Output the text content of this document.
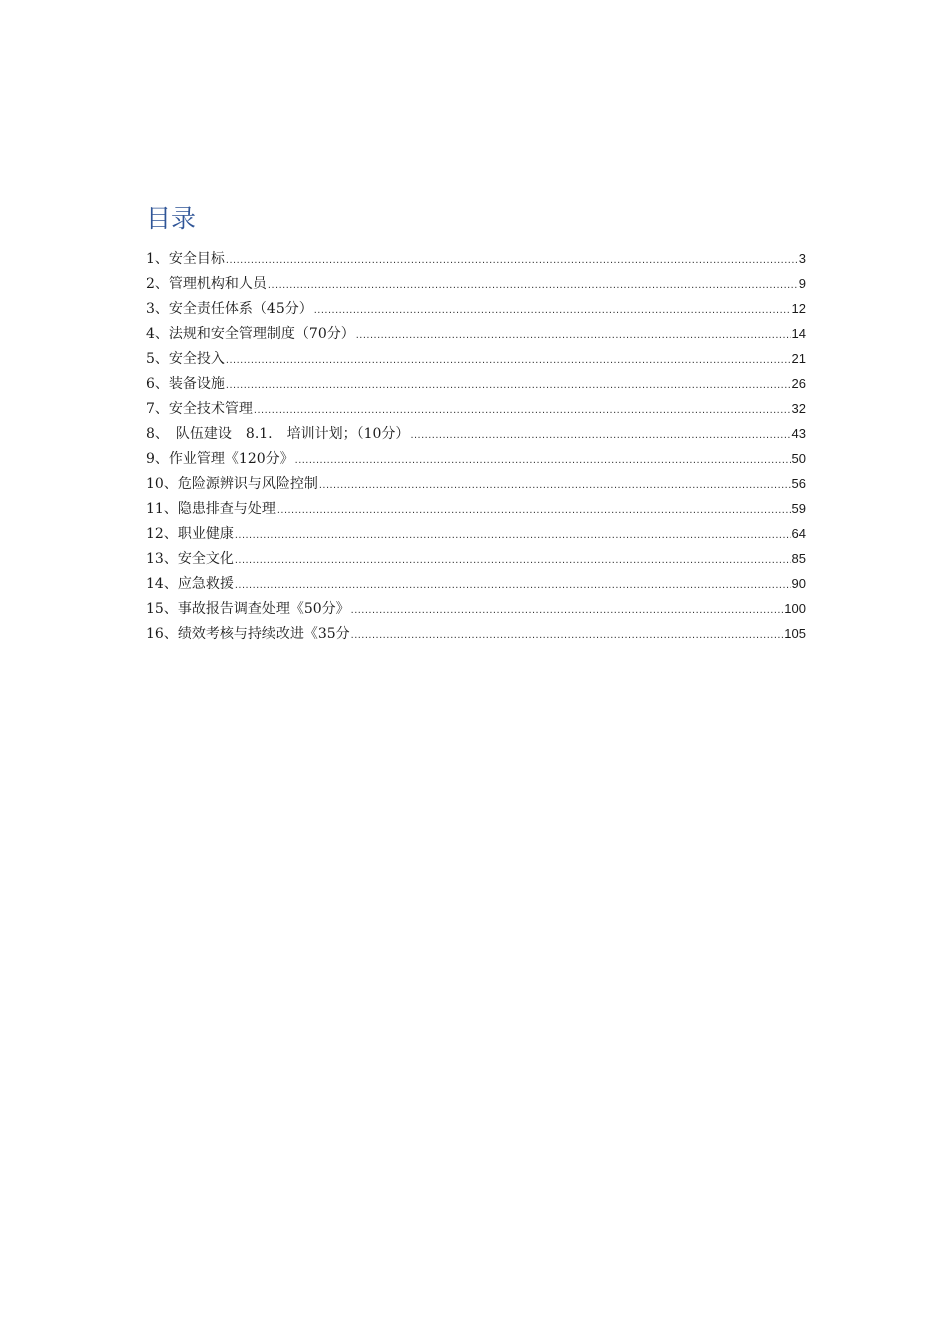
目录
1、安全目标 .....	3
2、管理机构和人员 .....	9
3、安全责任体系（45分） .....	12
4、法规和安全管理制度（70分） .....	14
5、安全投入 .....	21
6、装备设施 .....	26
7、安全技术管理 .....	32
8、　队伍建设　8.1.　培训计划；（10分） .....	43
9、作业管理《120分》 .....	50
10、危险源辨识与风险控制 .....	56
11、隐患排查与处理 .....	59
12、职业健康 .....	64
13、安全文化 .....	85
14、应急救援 .....	90
15、事故报告调查处理《50分》 .....	100
16、绩效考核与持续改进《35分 .....	105
